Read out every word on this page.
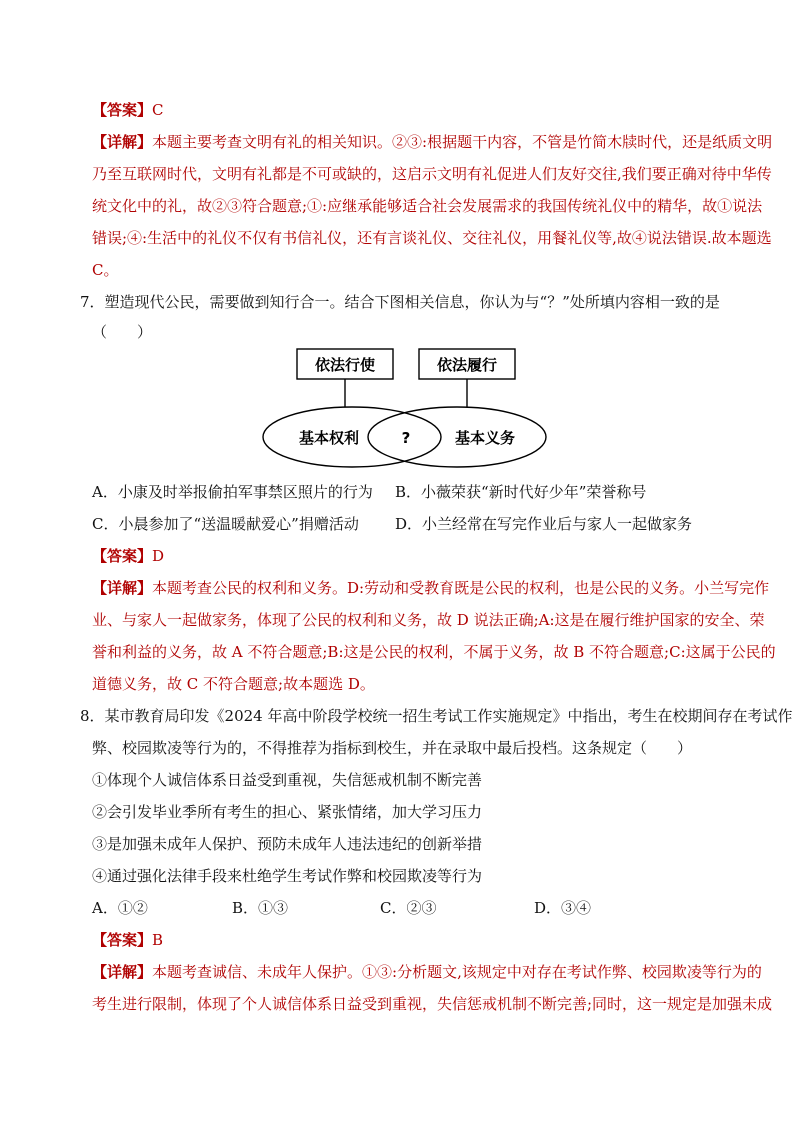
【答案】C
【详解】本题主要考查文明有礼的相关知识。②③:根据题干内容，不管是竹简木牍时代，还是纸质文明
乃至互联网时代，文明有礼都是不可或缺的，这启示文明有礼促进人们友好交往,我们要正确对待中华传
统文化中的礼，故②③符合题意;①:应继承能够适合社会发展需求的我国传统礼仪中的精华，故①说法
错误;④:生活中的礼仪不仅有书信礼仪，还有言谈礼仪、交往礼仪，用餐礼仪等,故④说法错误.故本题选
C。
7．塑造现代公民，需要做到知行合一。结合下图相关信息，你认为与“？”处所填内容相一致的是
（　　）
依法行使	依法履行
基本权利	基本义务
?
A．小康及时举报偷拍军事禁区照片的行为 B．小薇荣获“新时代好少年”荣誉称号
C．小晨参加了“送温暖献爱心”捐赠活动 D．小兰经常在写完作业后与家人一起做家务
【答案】D
【详解】本题考查公民的权利和义务。D:劳动和受教育既是公民的权利，也是公民的义务。小兰写完作
业、与家人一起做家务，体现了公民的权利和义务，故 D 说法正确;A:这是在履行维护国家的安全、荣
誉和利益的义务，故 A 不符合题意;B:这是公民的权利，不属于义务，故 B 不符合题意;C:这属于公民的
道德义务，故 C 不符合题意;故本题选 D。
8．某市教育局印发《2024 年高中阶段学校统一招生考试工作实施规定》中指出，考生在校期间存在考试作
弊、校园欺凌等行为的，不得推荐为指标到校生，并在录取中最后投档。这条规定（　　）
①体现个人诚信体系日益受到重视，失信惩戒机制不断完善
②会引发毕业季所有考生的担心、紧张情绪，加大学习压力
③是加强未成年人保护、预防未成年人违法违纪的创新举措
④通过强化法律手段来杜绝学生考试作弊和校园欺凌等行为
A．①②	B．①③	C．②③	D．③④
【答案】B
【详解】本题考查诚信、未成年人保护。①③:分析题文,该规定中对存在考试作弊、校园欺凌等行为的
考生进行限制，体现了个人诚信体系日益受到重视，失信惩戒机制不断完善;同时，这一规定是加强未成
